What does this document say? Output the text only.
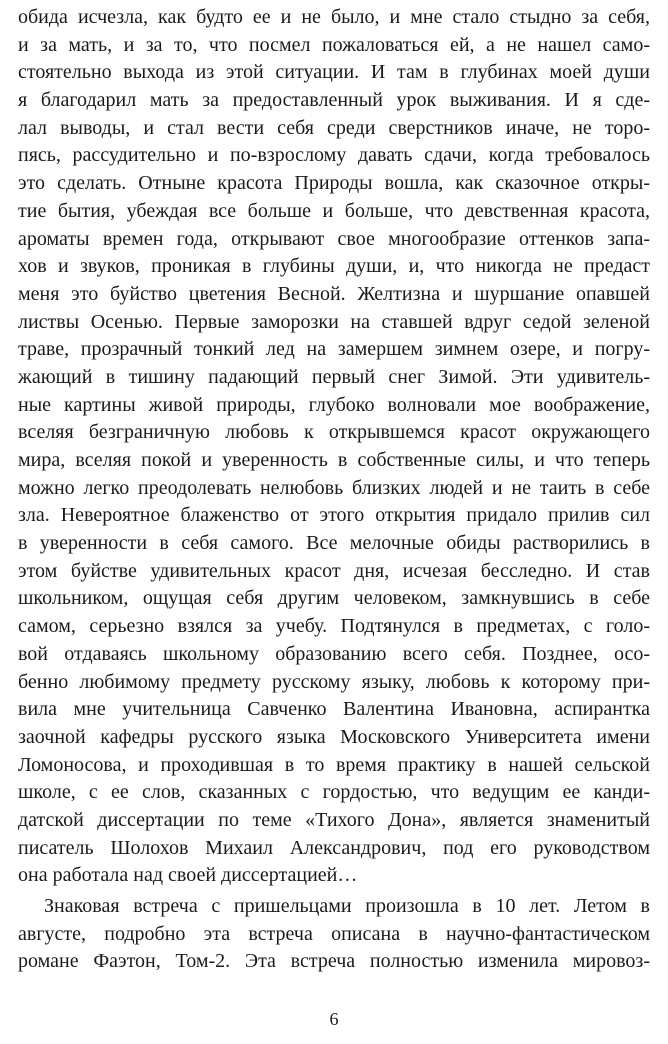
обида исчезла, как будто ее и не было, и мне стало стыдно за себя,
и за мать, и за то, что посмел пожаловаться ей, а не нашел само-
стоятельно выхода из этой ситуации. И там в глубинах моей души
я благодарил мать за предоставленный урок выживания. И я сде-
лал выводы, и стал вести себя среди сверстников иначе, не торо-
пясь, рассудительно и по-взрослому давать сдачи, когда требовалось
это сделать. Отныне красота Природы вошла, как сказочное откры-
тие бытия, убеждая все больше и больше, что девственная красота,
ароматы времен года, открывают свое многообразие оттенков запа-
хов и звуков, проникая в глубины души, и, что никогда не предаст
меня это буйство цветения Весной. Желтизна и шуршание опавшей
листвы Осенью. Первые заморозки на ставшей вдруг седой зеленой
траве, прозрачный тонкий лед на замершем зимнем озере, и погру-
жающий в тишину падающий первый снег Зимой. Эти удивитель-
ные картины живой природы, глубоко волновали мое воображение,
вселяя безграничную любовь к открывшемся красот окружающего
мира, вселяя покой и уверенность в собственные силы, и что теперь
можно легко преодолевать нелюбовь близких людей и не таить в себе
зла. Невероятное блаженство от этого открытия придало прилив сил
в уверенности в себя самого. Все мелочные обиды растворились в
этом буйстве удивительных красот дня, исчезая бесследно. И став
школьником, ощущая себя другим человеком, замкнувшись в себе
самом, серьезно взялся за учебу. Подтянулся в предметах, с голо-
вой отдаваясь школьному образованию всего себя. Позднее, осо-
бенно любимому предмету русскому языку, любовь к которому при-
вила мне учительница Савченко Валентина Ивановна, аспирантка
заочной кафедры русского языка Московского Университета имени
Ломоносова, и проходившая в то время практику в нашей сельской
школе, с ее слов, сказанных с гордостью, что ведущим ее канди-
датской диссертации по теме «Тихого Дона», является знаменитый
писатель Шолохов Михаил Александрович, под его руководством
она работала над своей диссертацией…
Знаковая встреча с пришельцами произошла в 10 лет. Летом в
августе, подробно эта встреча описана в научно-фантастическом
романе Фаэтон, Том-2. Эта встреча полностью изменила мировоз-
6
